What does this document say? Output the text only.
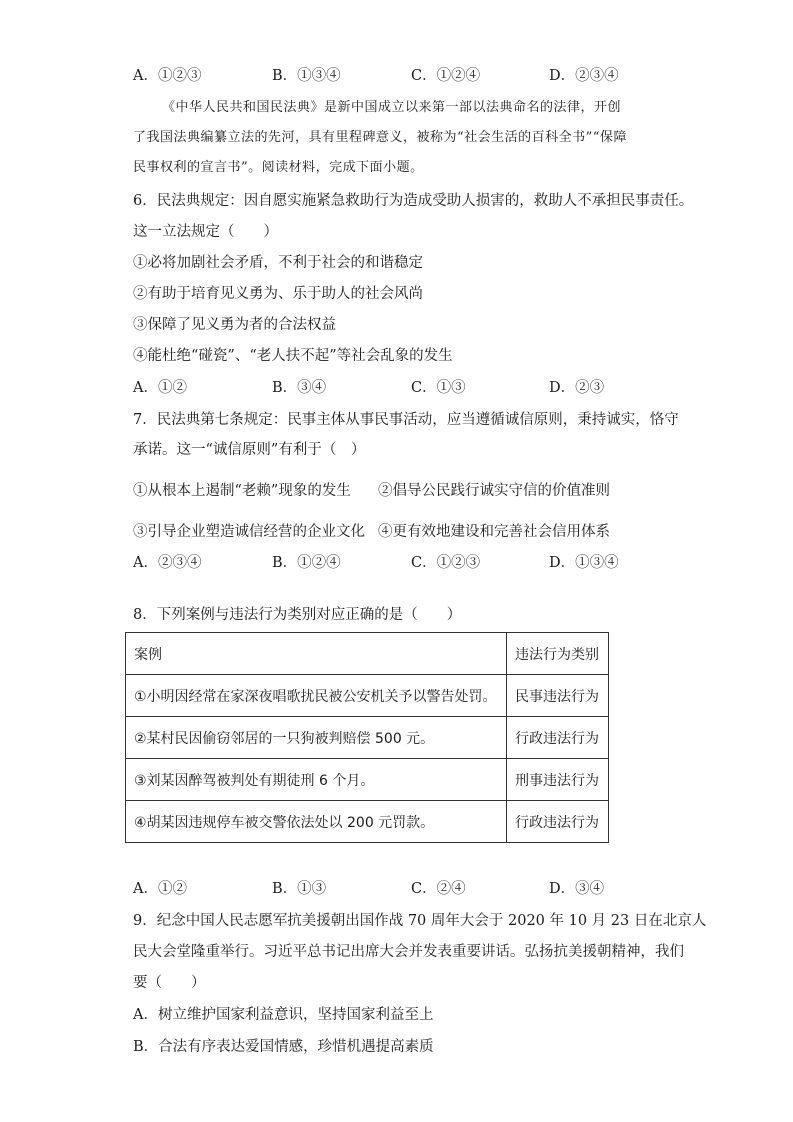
A．①②③	B．①③④	C．①②④	D．②③④
《中华人民共和国民法典》是新中国成立以来第一部以法典命名的法律，开创
了我国法典编纂立法的先河，具有里程碑意义，被称为“社会生活的百科全书”“保障
民事权利的宣言书”。阅读材料，完成下面小题。
6．民法典规定：因自愿实施紧急救助行为造成受助人损害的，救助人不承担民事责任。
这一立法规定（　　）
①必将加剧社会矛盾，不利于社会的和谐稳定
②有助于培育见义勇为、乐于助人的社会风尚
③保障了见义勇为者的合法权益
④能杜绝“碰瓷”、“老人扶不起”等社会乱象的发生
A．①②	B．③④	C．①③	D．②③
7．民法典第七条规定：民事主体从事民事活动，应当遵循诚信原则，秉持诚实，恪守
承诺。这一“诚信原则”有利于（　）
①从根本上遏制“老赖”现象的发生 ②倡导公民践行诚实守信的价值准则
③引导企业塑造诚信经营的企业文化 ④更有效地建设和完善社会信用体系
A．②③④	B．①②④	C．①②③	D．①③④
8．下列案例与违法行为类别对应正确的是（　　）
案例	违法行为类别
①小明因经常在家深夜唱歌扰民被公安机关予以警告处罚。	民事违法行为
②某村民因偷窃邻居的一只狗被判赔偿 500 元。	行政违法行为
③刘某因醉驾被判处有期徒刑 6 个月。	刑事违法行为
④胡某因违规停车被交警依法处以 200 元罚款。	行政违法行为
A．①②	B．①③	C．②④	D．③④
9．纪念中国人民志愿军抗美援朝出国作战 70 周年大会于 2020 年 10 月 23 日在北京人
民大会堂隆重举行。习近平总书记出席大会并发表重要讲话。弘扬抗美援朝精神，我们
要（　　）
A．树立维护国家利益意识，坚持国家利益至上
B．合法有序表达爱国情感，珍惜机遇提高素质
